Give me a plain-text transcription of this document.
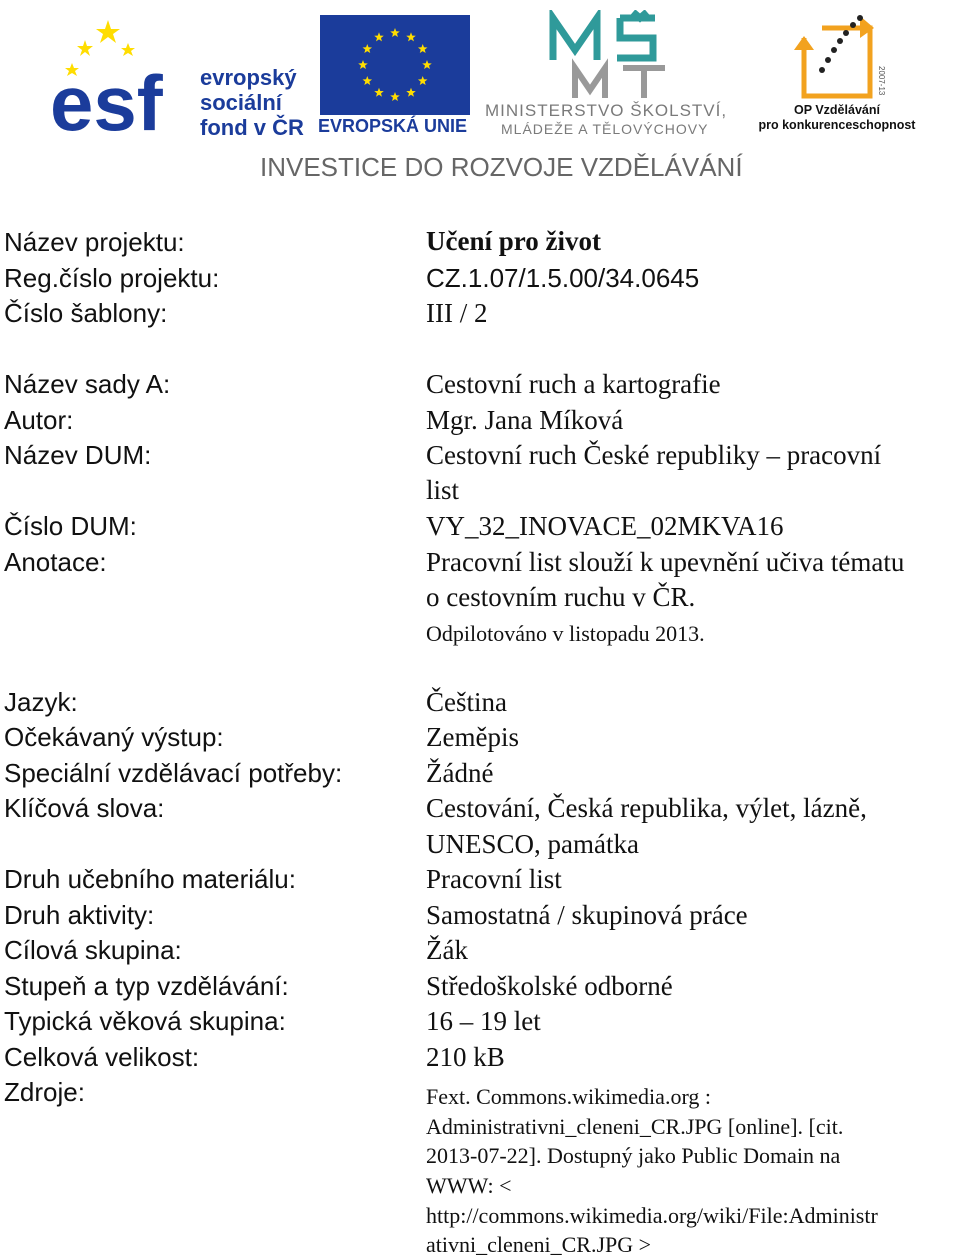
esf evropský
sociální
fond v ČR EVROPSKÁ UNIE
MINISTERSTVO ŠKOLSTVÍ,
MLÁDEŽE A TĚLOVÝCHOVY
2007-13
OP Vzdělávání
pro konkurenceschopnost
INVESTICE DO ROZVOJE VZDĚLÁVÁNÍ
Název projektu:	Učení pro život
Reg.číslo projektu:	CZ.1.07/1.5.00/34.0645
Číslo šablony:	III / 2
Název sady A:	Cestovní ruch a kartografie
Autor:	Mgr. Jana Míková
Název DUM:	Cestovní ruch České republiky – pracovní
list
Číslo DUM:	VY_32_INOVACE_02MKVA16
Anotace:	Pracovní list slouží k upevnění učiva tématu
o cestovním ruchu v ČR.
Odpilotováno v listopadu 2013.
Jazyk:	Čeština
Očekávaný výstup:	Zeměpis
Speciální vzdělávací potřeby:	Žádné
Klíčová slova:	Cestování, Česká republika, výlet, lázně,
UNESCO, památka
Druh učebního materiálu:	Pracovní list
Druh aktivity:	Samostatná / skupinová práce
Cílová skupina:	Žák
Stupeň a typ vzdělávání:	Středoškolské odborné
Typická věková skupina:	16 – 19 let
Celková velikost:	210 kB
Zdroje:	Fext. Commons.wikimedia.org :
Administrativni_cleneni_CR.JPG [online]. [cit.
2013-07-22]. Dostupný jako Public Domain na
WWW: <
http://commons.wikimedia.org/wiki/File:Administr
ativni_cleneni_CR.JPG >
